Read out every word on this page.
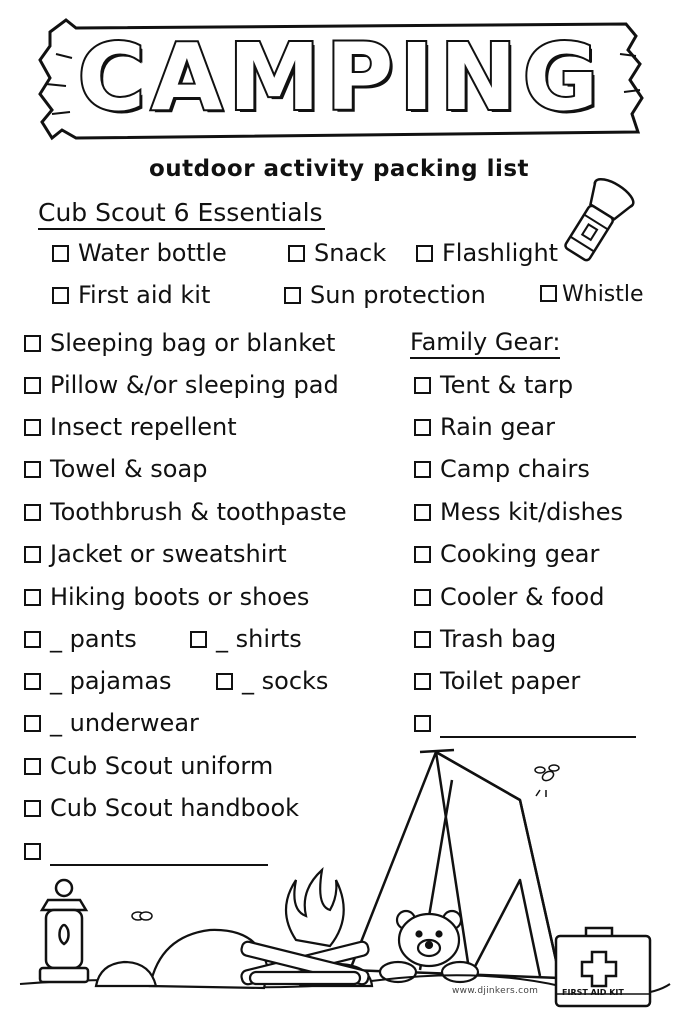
CAMPING
outdoor activity packing list
Cub Scout 6 Essentials
Water bottle	Snack	Flashlight
First aid kit	Sun protection	Whistle
Sleeping bag or blanket
Pillow &/or sleeping pad
Insect repellent
Towel & soap
Toothbrush & toothpaste
Jacket or sweatshirt
Hiking boots or shoes
_ pants	_ shirts
_ pajamas	_ socks
_ underwear
Cub Scout uniform
Cub Scout handbook
Family Gear:
Tent & tarp
Rain gear
Camp chairs
Mess kit/dishes
Cooking gear
Cooler & food
Trash bag
Toilet paper
FIRST AID KIT
www.djinkers.com
